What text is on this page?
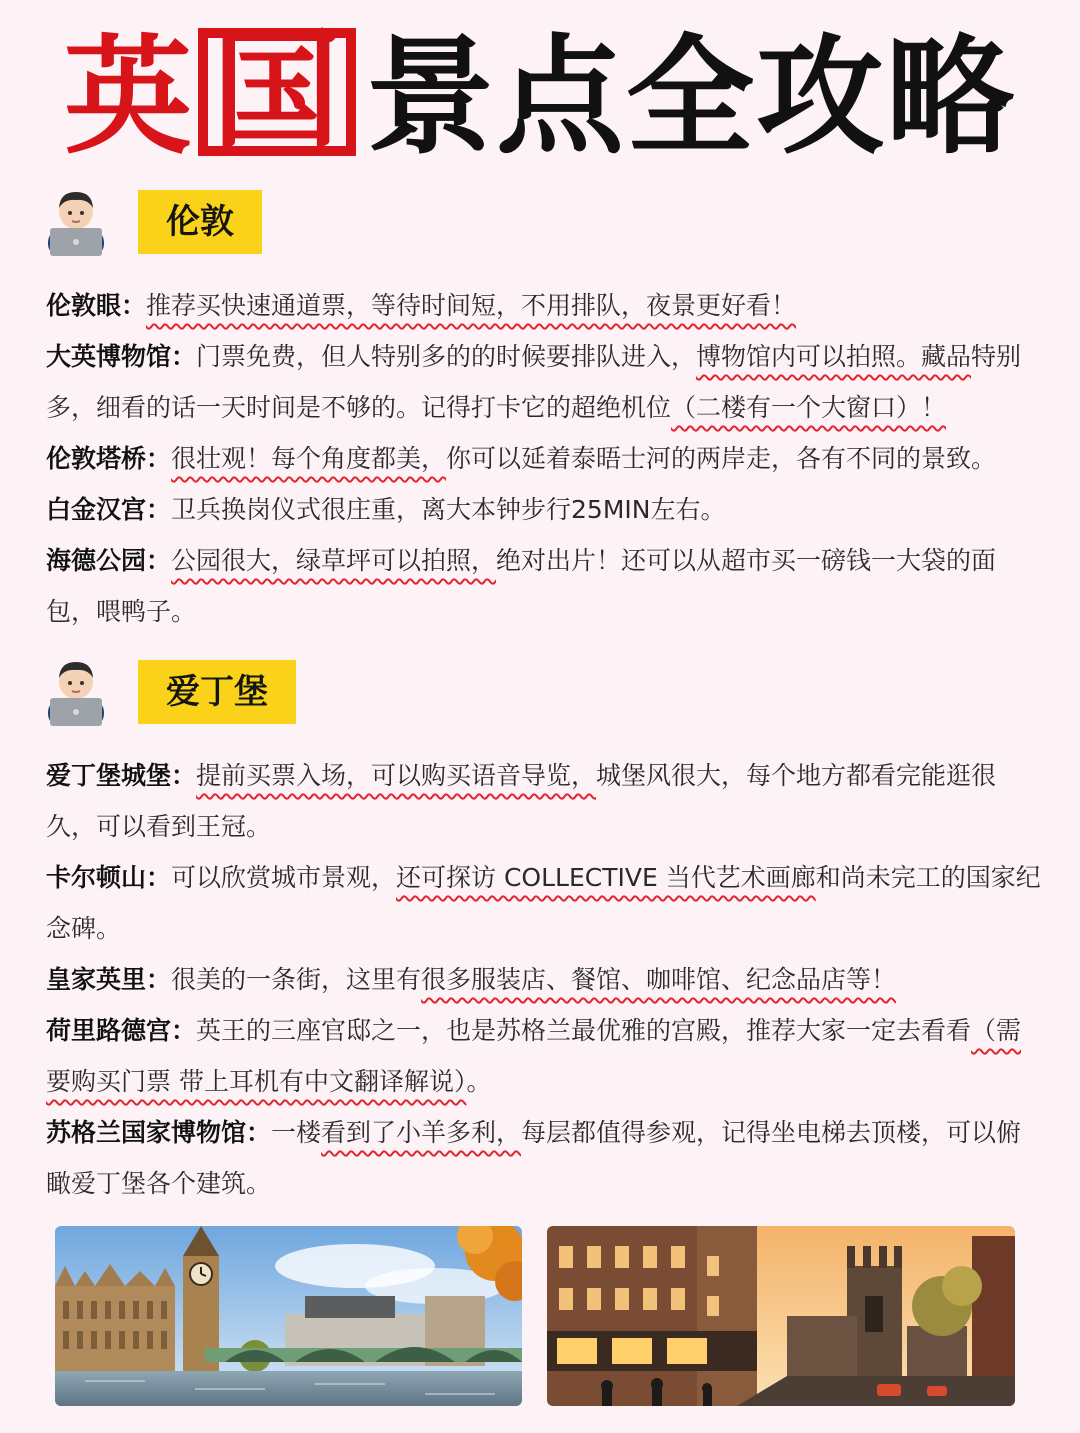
英 国 景点全攻略
伦敦
伦敦眼：推荐买快速通道票，等待时间短，不用排队，夜景更好看！
大英博物馆：门票免费，但人特别多的的时候要排队进入，博物馆内可以拍照。藏品特别多，细看的话一天时间是不够的。记得打卡它的超绝机位（二楼有一个大窗口）！
伦敦塔桥：很壮观！每个角度都美，你可以延着泰晤士河的两岸走，各有不同的景致。
白金汉宫：卫兵换岗仪式很庄重，离大本钟步行25MIN左右。
海德公园：公园很大，绿草坪可以拍照，绝对出片！还可以从超市买一磅钱一大袋的面包，喂鸭子。
爱丁堡
爱丁堡城堡：提前买票入场，可以购买语音导览，城堡风很大，每个地方都看完能逛很久，可以看到王冠。
卡尔顿山：可以欣赏城市景观，还可探访 COLLECTIVE 当代艺术画廊和尚未完工的国家纪念碑。
皇家英里：很美的一条街，这里有很多服装店、餐馆、咖啡馆、纪念品店等！
荷里路德宫：英王的三座官邸之一，也是苏格兰最优雅的宫殿，推荐大家一定去看看（需要购买门票 带上耳机有中文翻译解说）。
苏格兰国家博物馆：一楼看到了小羊多利，每层都值得参观，记得坐电梯去顶楼，可以俯瞰爱丁堡各个建筑。
